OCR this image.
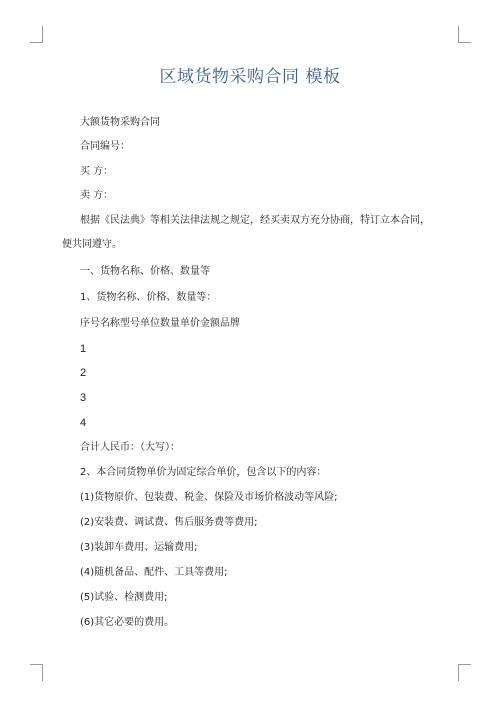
区域货物采购合同 模板
大额货物采购合同
合同编号：
买 方：
卖 方：
根据《民法典》等相关法律法规之规定，经买卖双方充分协商，特订立本合同，
便共同遵守。
一、货物名称、价格、数量等
1、货物名称、价格、数量等：
序号名称型号单位数量单价金额品牌
1
2
3
4
合计人民币：（大写）：
2、本合同货物单价为固定综合单价，包含以下的内容：
(1)货物原价、包装费、税金、保险及市场价格波动等风险;
(2)安装费、调试费、售后服务费等费用;
(3)装卸车费用、运输费用;
(4)随机备品、配件、工具等费用;
(5)试验、检测费用;
(6)其它必要的费用。
